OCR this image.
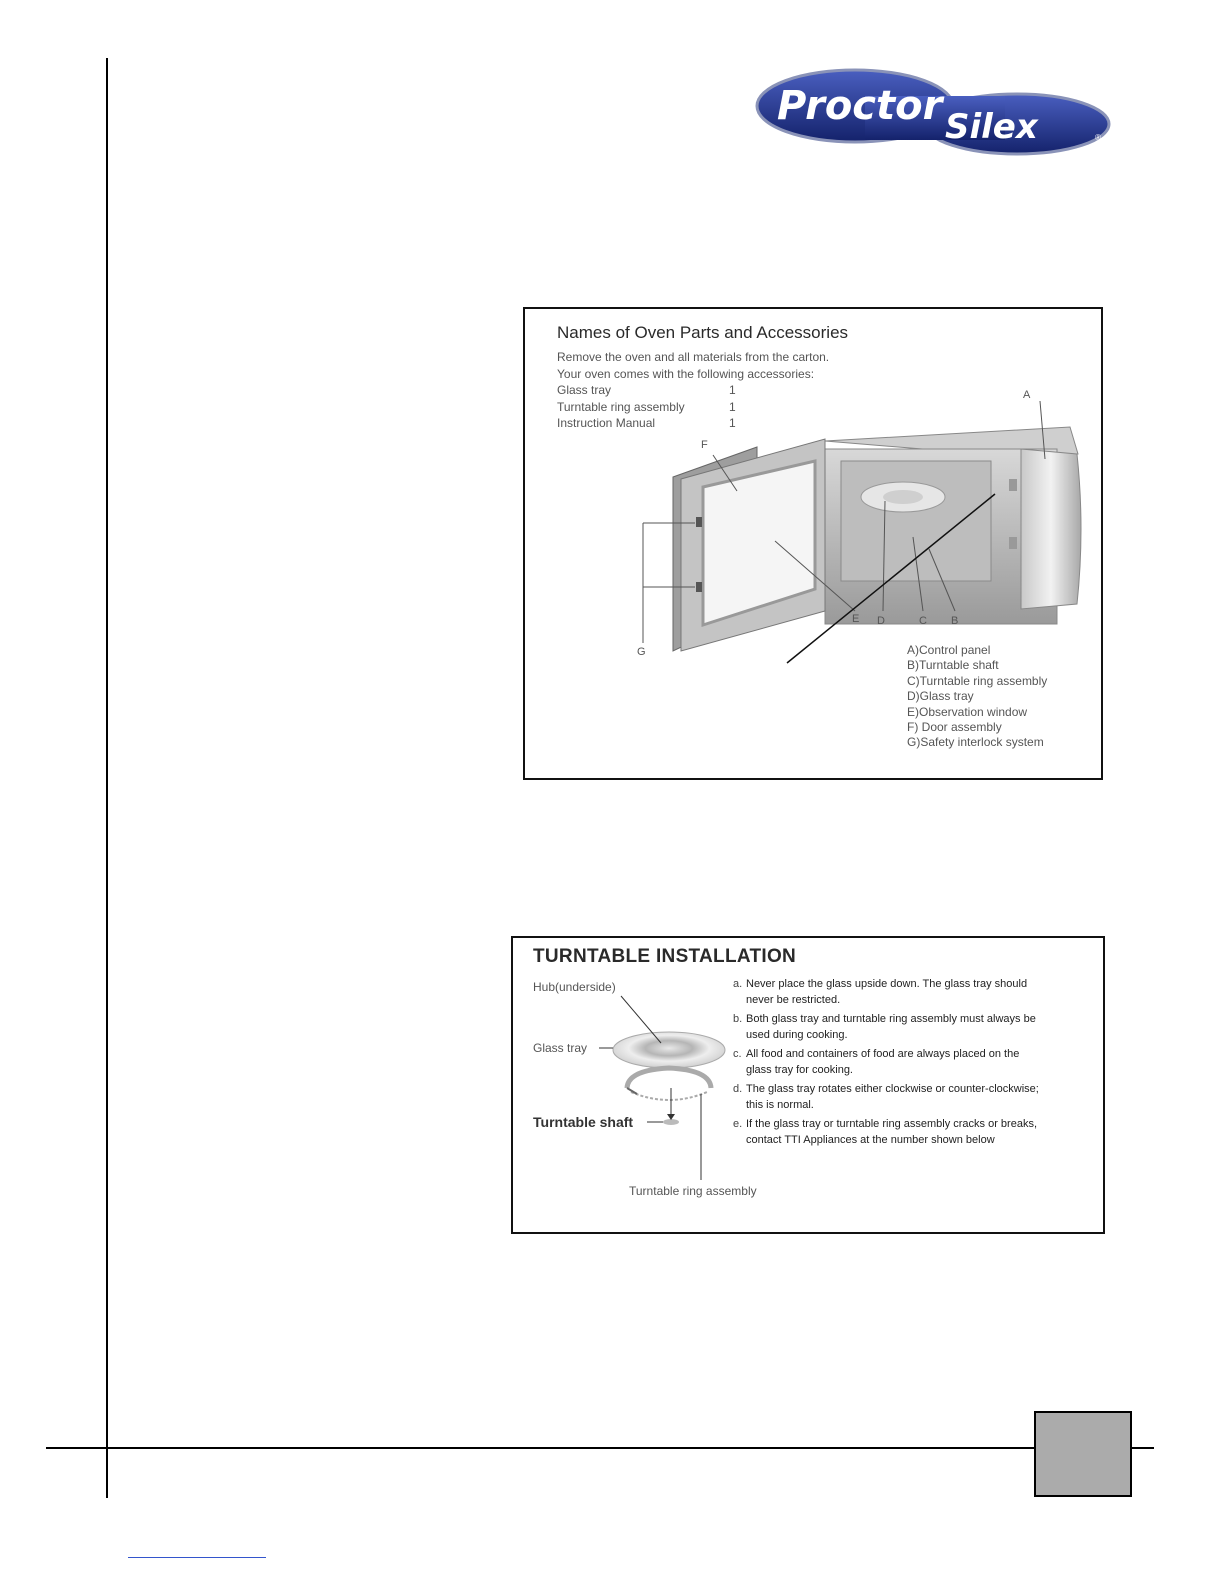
Proctor Silex	®
Names of Oven Parts and Accessories
Remove the oven and all materials from the carton.
Your oven comes with the following accessories:
Glass tray	1
Turntable ring assembly	1
Instruction Manual	1
A
B
C
D
E
F
G	A)Control panel
B)Turntable shaft
C)Turntable ring assembly
D)Glass tray
E)Observation window
F) Door assembly
G)Safety interlock system
TURNTABLE INSTALLATION
Hub(underside)
Glass tray
Turntable shaft
Turntable ring assembly
a. Never place the glass upside down. The glass tray should never be restricted.
b. Both glass tray and turntable ring assembly must always be used during cooking.
c. All food and containers of food are always placed on the glass tray for cooking.
d. The glass tray rotates either clockwise or counter-clockwise; this is normal.
e. If the glass tray or turntable ring assembly cracks or breaks, contact TTI Appliances at the number shown below
